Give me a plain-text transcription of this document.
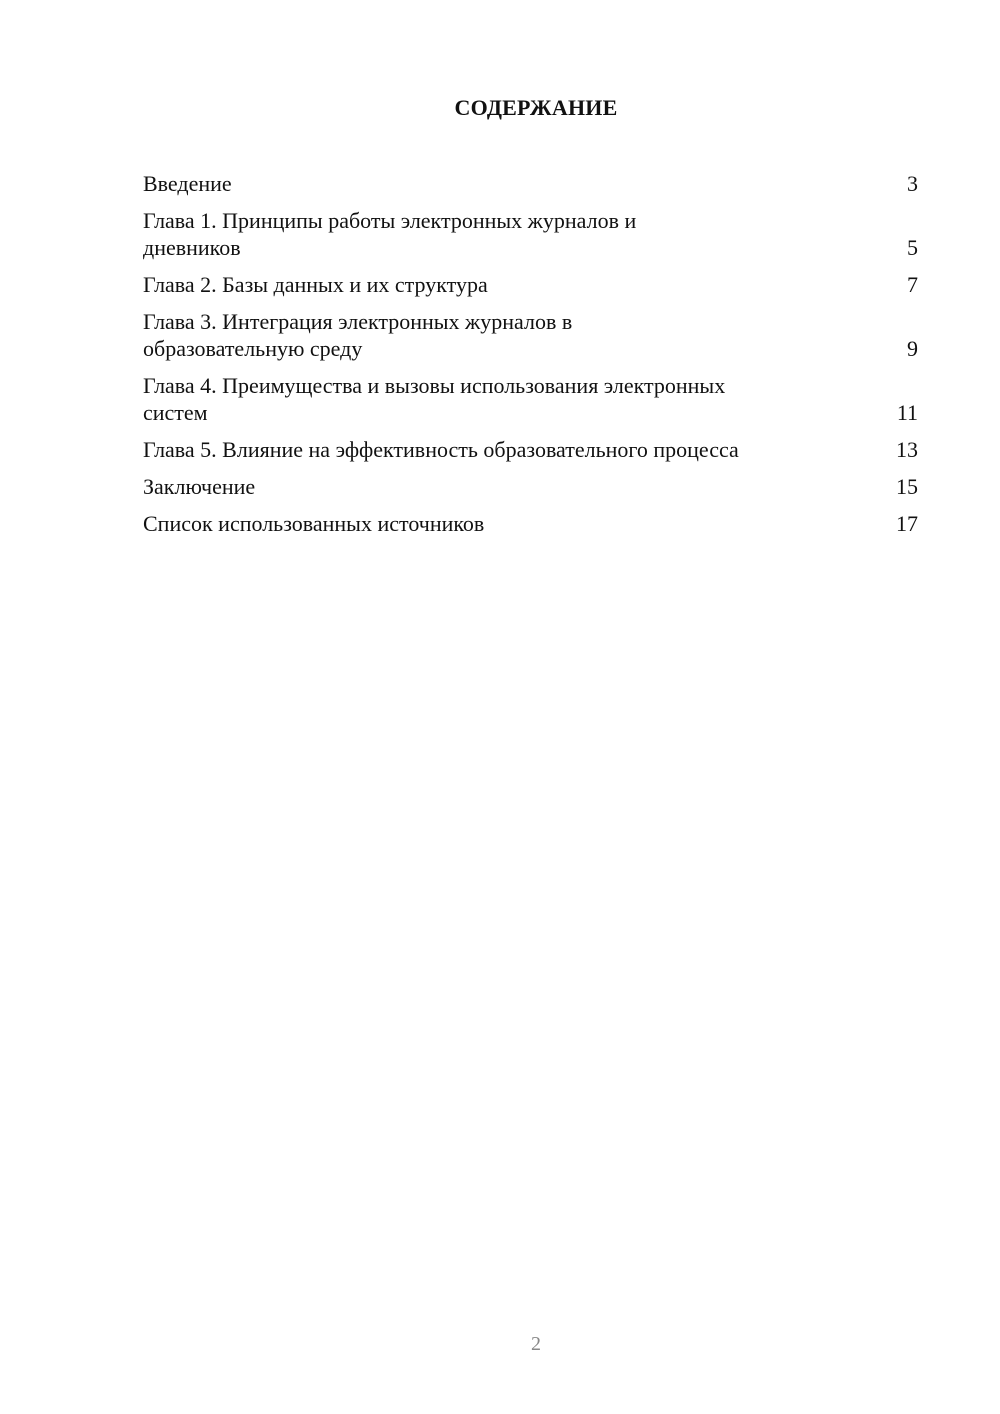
СОДЕРЖАНИЕ
Введение	3
Глава 1. Принципы работы электронных журналов и
дневников	5
Глава 2. Базы данных и их структура	7
Глава 3. Интеграция электронных журналов в
образовательную среду	9
Глава 4. Преимущества и вызовы использования электронных
систем	11
Глава 5. Влияние на эффективность образовательного процесса	13
Заключение	15
Список использованных источников	17
2
